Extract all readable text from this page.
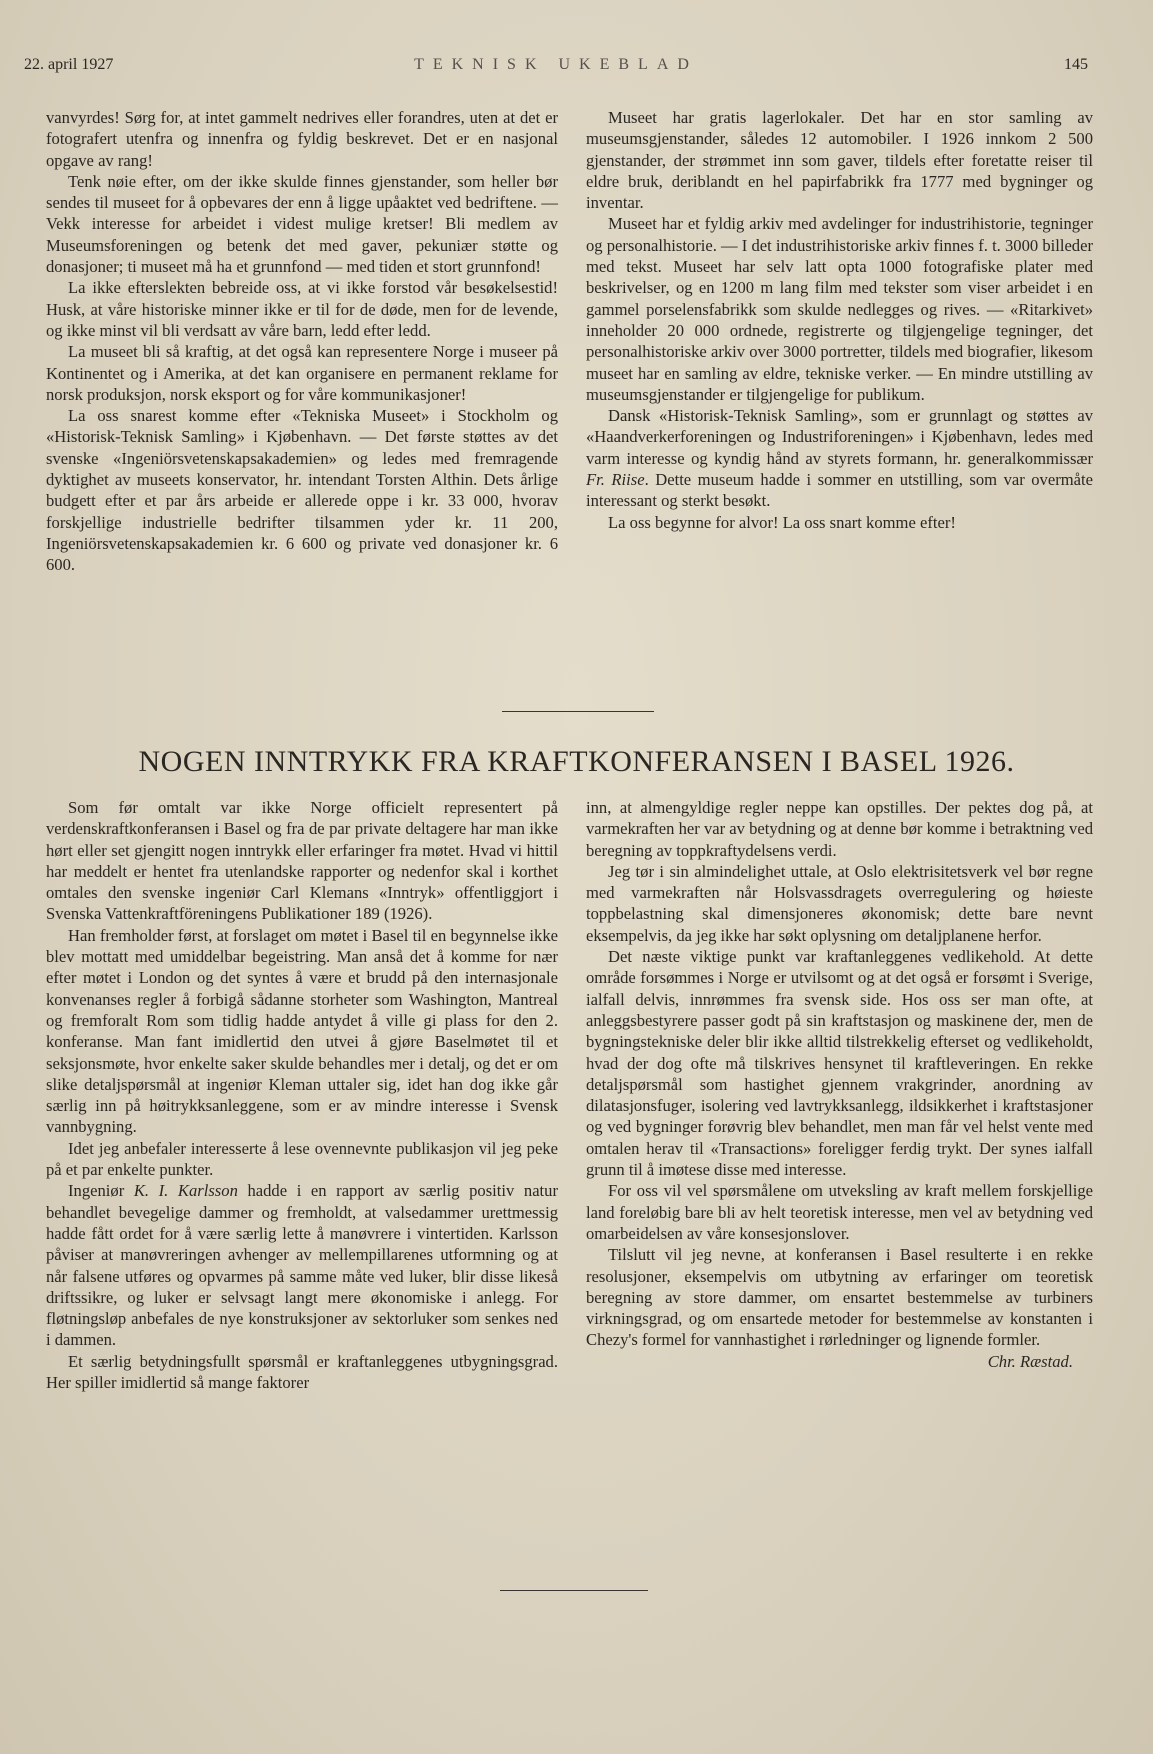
22. april 1927	TEKNISK UKEBLAD	145

vanvyrdes! Sørg for, at intet gammelt nedrives eller forandres, uten at det er fotografert utenfra og innenfra og fyldig beskrevet. Det er en nasjonal opgave av rang!

Tenk nøie efter, om der ikke skulde finnes gjenstander, som heller bør sendes til museet for å opbevares der enn å ligge upåaktet ved bedriftene. — Vekk interesse for arbeidet i videst mulige kretser! Bli medlem av Museumsforeningen og betenk det med gaver, pekuniær støtte og donasjoner; ti museet må ha et grunnfond — med tiden et stort grunnfond!

La ikke efterslekten bebreide oss, at vi ikke forstod vår besøkelsestid! Husk, at våre historiske minner ikke er til for de døde, men for de levende, og ikke minst vil bli verdsatt av våre barn, ledd efter ledd.

La museet bli så kraftig, at det også kan representere Norge i museer på Kontinentet og i Amerika, at det kan organisere en permanent reklame for norsk produksjon, norsk eksport og for våre kommunikasjoner!

La oss snarest komme efter «Tekniska Museet» i Stockholm og «Historisk-Teknisk Samling» i Kjøbenhavn. — Det første støttes av det svenske «Ingeniörsvetenskapsakademien» og ledes med fremragende dyktighet av museets konservator, hr. intendant Torsten Althin. Dets årlige budgett efter et par års arbeide er allerede oppe i kr. 33 000, hvorav forskjellige industrielle bedrifter tilsammen yder kr. 11 200, Ingeniörsvetenskapsakademien kr. 6 600 og private ved donasjoner kr. 6 600.

Museet har gratis lagerlokaler. Det har en stor samling av museumsgjenstander, således 12 automobiler. I 1926 innkom 2 500 gjenstander, der strømmet inn som gaver, tildels efter foretatte reiser til eldre bruk, deriblandt en hel papirfabrikk fra 1777 med bygninger og inventar.

Museet har et fyldig arkiv med avdelinger for industrihistorie, tegninger og personalhistorie. — I det industrihistoriske arkiv finnes f. t. 3000 billeder med tekst. Museet har selv latt opta 1000 fotografiske plater med beskrivelser, og en 1200 m lang film med tekster som viser arbeidet i en gammel porselensfabrikk som skulde nedlegges og rives. — «Ritarkivet» inneholder 20 000 ordnede, registrerte og tilgjengelige tegninger, det personalhistoriske arkiv over 3000 portretter, tildels med biografier, likesom museet har en samling av eldre, tekniske verker. — En mindre utstilling av museumsgjenstander er tilgjengelige for publikum.

Dansk «Historisk-Teknisk Samling», som er grunnlagt og støttes av «Haandverkerforeningen og Industriforeningen» i Kjøbenhavn, ledes med varm interesse og kyndig hånd av styrets formann, hr. generalkommissær Fr. Riise. Dette museum hadde i sommer en utstilling, som var overmåte interessant og sterkt besøkt.

La oss begynne for alvor! La oss snart komme efter!

NOGEN INNTRYKK FRA KRAFTKONFERANSEN I BASEL 1926.

Som før omtalt var ikke Norge officielt representert på verdenskraftkonferansen i Basel og fra de par private deltagere har man ikke hørt eller set gjengitt nogen inntrykk eller erfaringer fra møtet. Hvad vi hittil har meddelt er hentet fra utenlandske rapporter og nedenfor skal i korthet omtales den svenske ingeniør Carl Klemans «Inntryk» offentliggjort i Svenska Vattenkraftföreningens Publikationer 189 (1926).

Han fremholder først, at forslaget om møtet i Basel til en begynnelse ikke blev mottatt med umiddelbar begeistring. Man anså det å komme for nær efter møtet i London og det syntes å være et brudd på den internasjonale konvenanses regler å forbigå sådanne storheter som Washington, Mantreal og fremforalt Rom som tidlig hadde antydet å ville gi plass for den 2. konferanse. Man fant imidlertid den utvei å gjøre Baselmøtet til et seksjonsmøte, hvor enkelte saker skulde behandles mer i detalj, og det er om slike detaljspørsmål at ingeniør Kleman uttaler sig, idet han dog ikke går særlig inn på høitrykksanleggene, som er av mindre interesse i Svensk vannbygning.

Idet jeg anbefaler interesserte å lese ovennevnte publikasjon vil jeg peke på et par enkelte punkter.

Ingeniør K. I. Karlsson hadde i en rapport av særlig positiv natur behandlet bevegelige dammer og fremholdt, at valsedammer urettmessig hadde fått ordet for å være særlig lette å manøvrere i vintertiden. Karlsson påviser at manøvreringen avhenger av mellempillarenes utformning og at når falsene utføres og opvarmes på samme måte ved luker, blir disse likeså driftssikre, og luker er selvsagt langt mere økonomiske i anlegg. For fløtningsløp anbefales de nye konstruksjoner av sektorluker som senkes ned i dammen.

Et særlig betydningsfullt spørsmål er kraftanleggenes utbygningsgrad. Her spiller imidlertid så mange faktorer

inn, at almengyldige regler neppe kan opstilles. Der pektes dog på, at varmekraften her var av betydning og at denne bør komme i betraktning ved beregning av toppkraftydelsens verdi.

Jeg tør i sin almindelighet uttale, at Oslo elektrisitetsverk vel bør regne med varmekraften når Holsvassdragets overregulering og høieste toppbelastning skal dimensjoneres økonomisk; dette bare nevnt eksempelvis, da jeg ikke har søkt oplysning om detaljplanene herfor.

Det næste viktige punkt var kraftanleggenes vedlikehold. At dette område forsømmes i Norge er utvilsomt og at det også er forsømt i Sverige, ialfall delvis, innrømmes fra svensk side. Hos oss ser man ofte, at anleggsbestyrere passer godt på sin kraftstasjon og maskinene der, men de bygningstekniske deler blir ikke alltid tilstrekkelig efterset og vedlikeholdt, hvad der dog ofte må tilskrives hensynet til kraftleveringen. En rekke detaljspørsmål som hastighet gjennem vrakgrinder, anordning av dilatasjonsfuger, isolering ved lavtrykksanlegg, ildsikkerhet i kraftstasjoner og ved bygninger forøvrig blev behandlet, men man får vel helst vente med omtalen herav til «Transactions» foreligger ferdig trykt. Der synes ialfall grunn til å imøtese disse med interesse.

For oss vil vel spørsmålene om utveksling av kraft mellem forskjellige land foreløbig bare bli av helt teoretisk interesse, men vel av betydning ved omarbeidelsen av våre konsesjonslover.

Tilslutt vil jeg nevne, at konferansen i Basel resulterte i en rekke resolusjoner, eksempelvis om utbytning av erfaringer om teoretisk beregning av store dammer, om ensartet bestemmelse av turbiners virkningsgrad, og om ensartede metoder for bestemmelse av konstanten i Chezy's formel for vannhastighet i rørledninger og lignende formler.

Chr. Ræstad.
